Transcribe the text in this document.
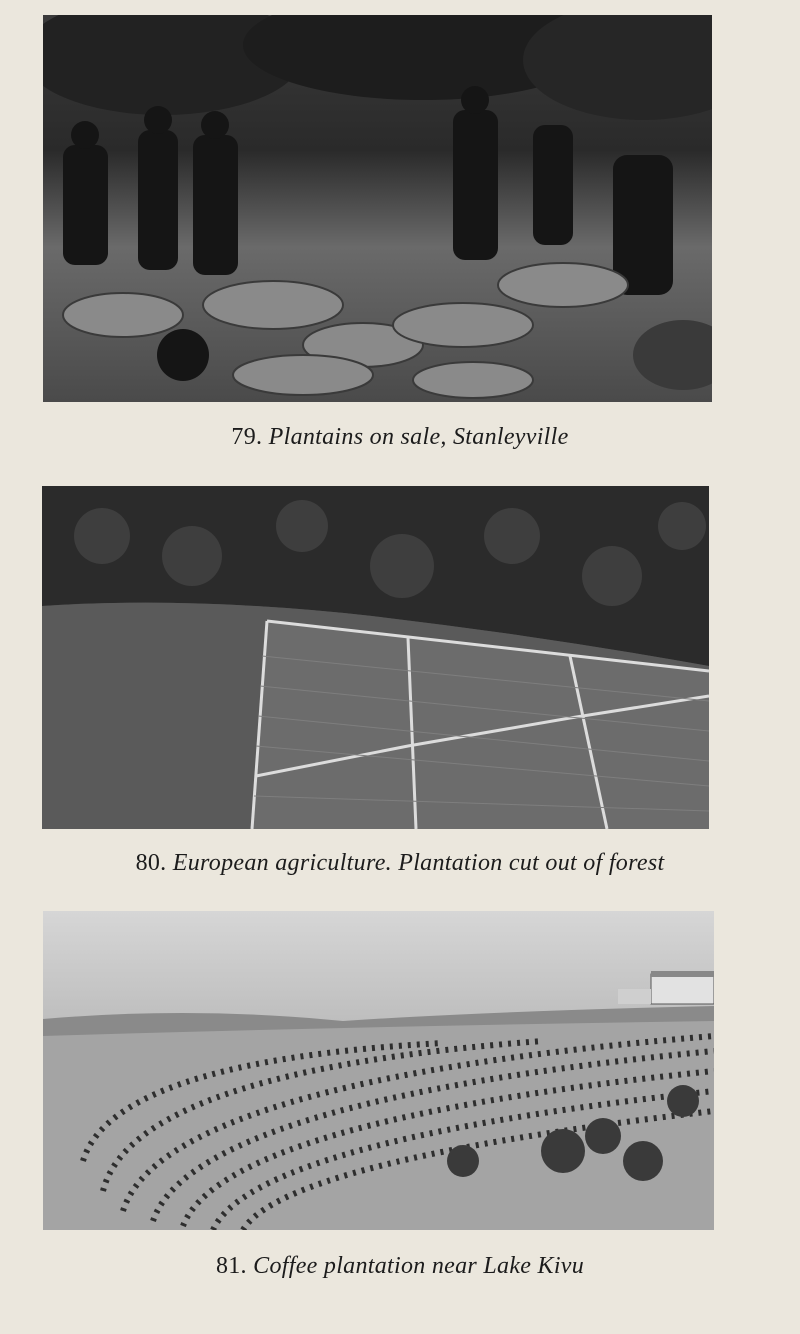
79. Plantains on sale, Stanleyville
80. European agriculture. Plantation cut out of forest
81. Coffee plantation near Lake Kivu
